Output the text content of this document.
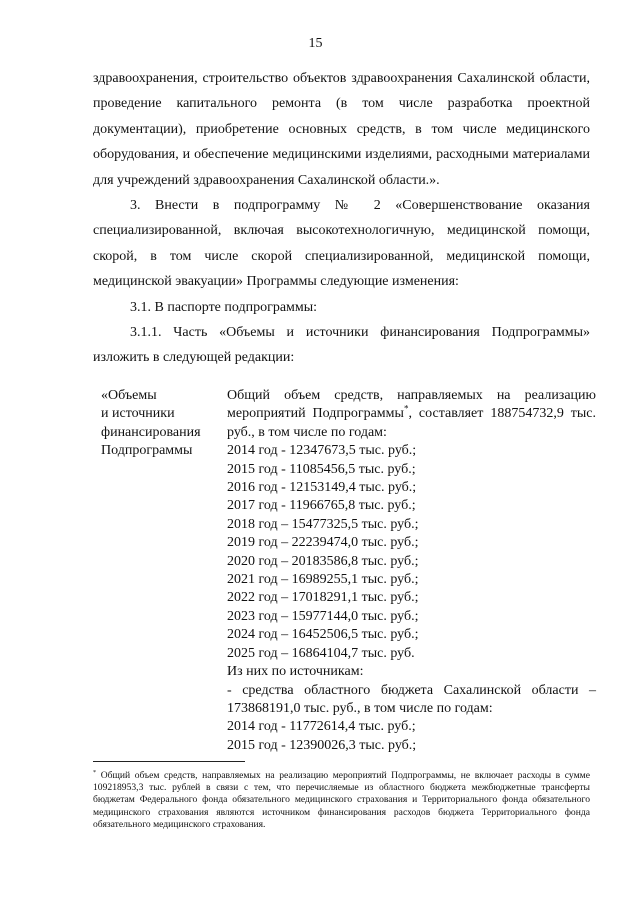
15

здравоохранения, строительство объектов здравоохранения Сахалинской области, проведение капитального ремонта (в том числе разработка проектной документации), приобретение основных средств, в том числе медицинского оборудования, и обеспечение медицинскими изделиями, расходными материалами для учреждений здравоохранения Сахалинской области.».

3. Внести в подпрограмму № 2 «Совершенствование оказания специализированной, включая высокотехнологичную, медицинской помощи, скорой, в том числе скорой специализированной, медицинской помощи, медицинской эвакуации» Программы следующие изменения:

3.1. В паспорте подпрограммы:

3.1.1. Часть «Объемы и источники финансирования Подпрограммы» изложить в следующей редакции:

«Объемы
и источники
финансирования
Подпрограммы
Общий объем средств, направляемых на реализацию мероприятий Подпрограммы*, составляет 188754732,9 тыс. руб., в том числе по годам:
2014 год - 12347673,5 тыс. руб.;
2015 год - 11085456,5 тыс. руб.;
2016 год - 12153149,4 тыс. руб.;
2017 год - 11966765,8 тыс. руб.;
2018 год – 15477325,5 тыс. руб.;
2019 год – 22239474,0 тыс. руб.;
2020 год – 20183586,8 тыс. руб.;
2021 год – 16989255,1 тыс. руб.;
2022 год – 17018291,1 тыс. руб.;
2023 год – 15977144,0 тыс. руб.;
2024 год – 16452506,5 тыс. руб.;
2025 год – 16864104,7 тыс. руб.
Из них по источникам:
- средства областного бюджета Сахалинской области – 173868191,0 тыс. руб., в том числе по годам:
2014 год - 11772614,4 тыс. руб.;
2015 год - 12390026,3 тыс. руб.;
* Общий объем средств, направляемых на реализацию мероприятий Подпрограммы, не включает расходы в сумме 109218953,3 тыс. рублей в связи с тем, что перечисляемые из областного бюджета межбюджетные трансферты бюджетам Федерального фонда обязательного медицинского страхования и Территориального фонда обязательного медицинского страхования являются источником финансирования расходов бюджета Территориального фонда обязательного медицинского страхования.
